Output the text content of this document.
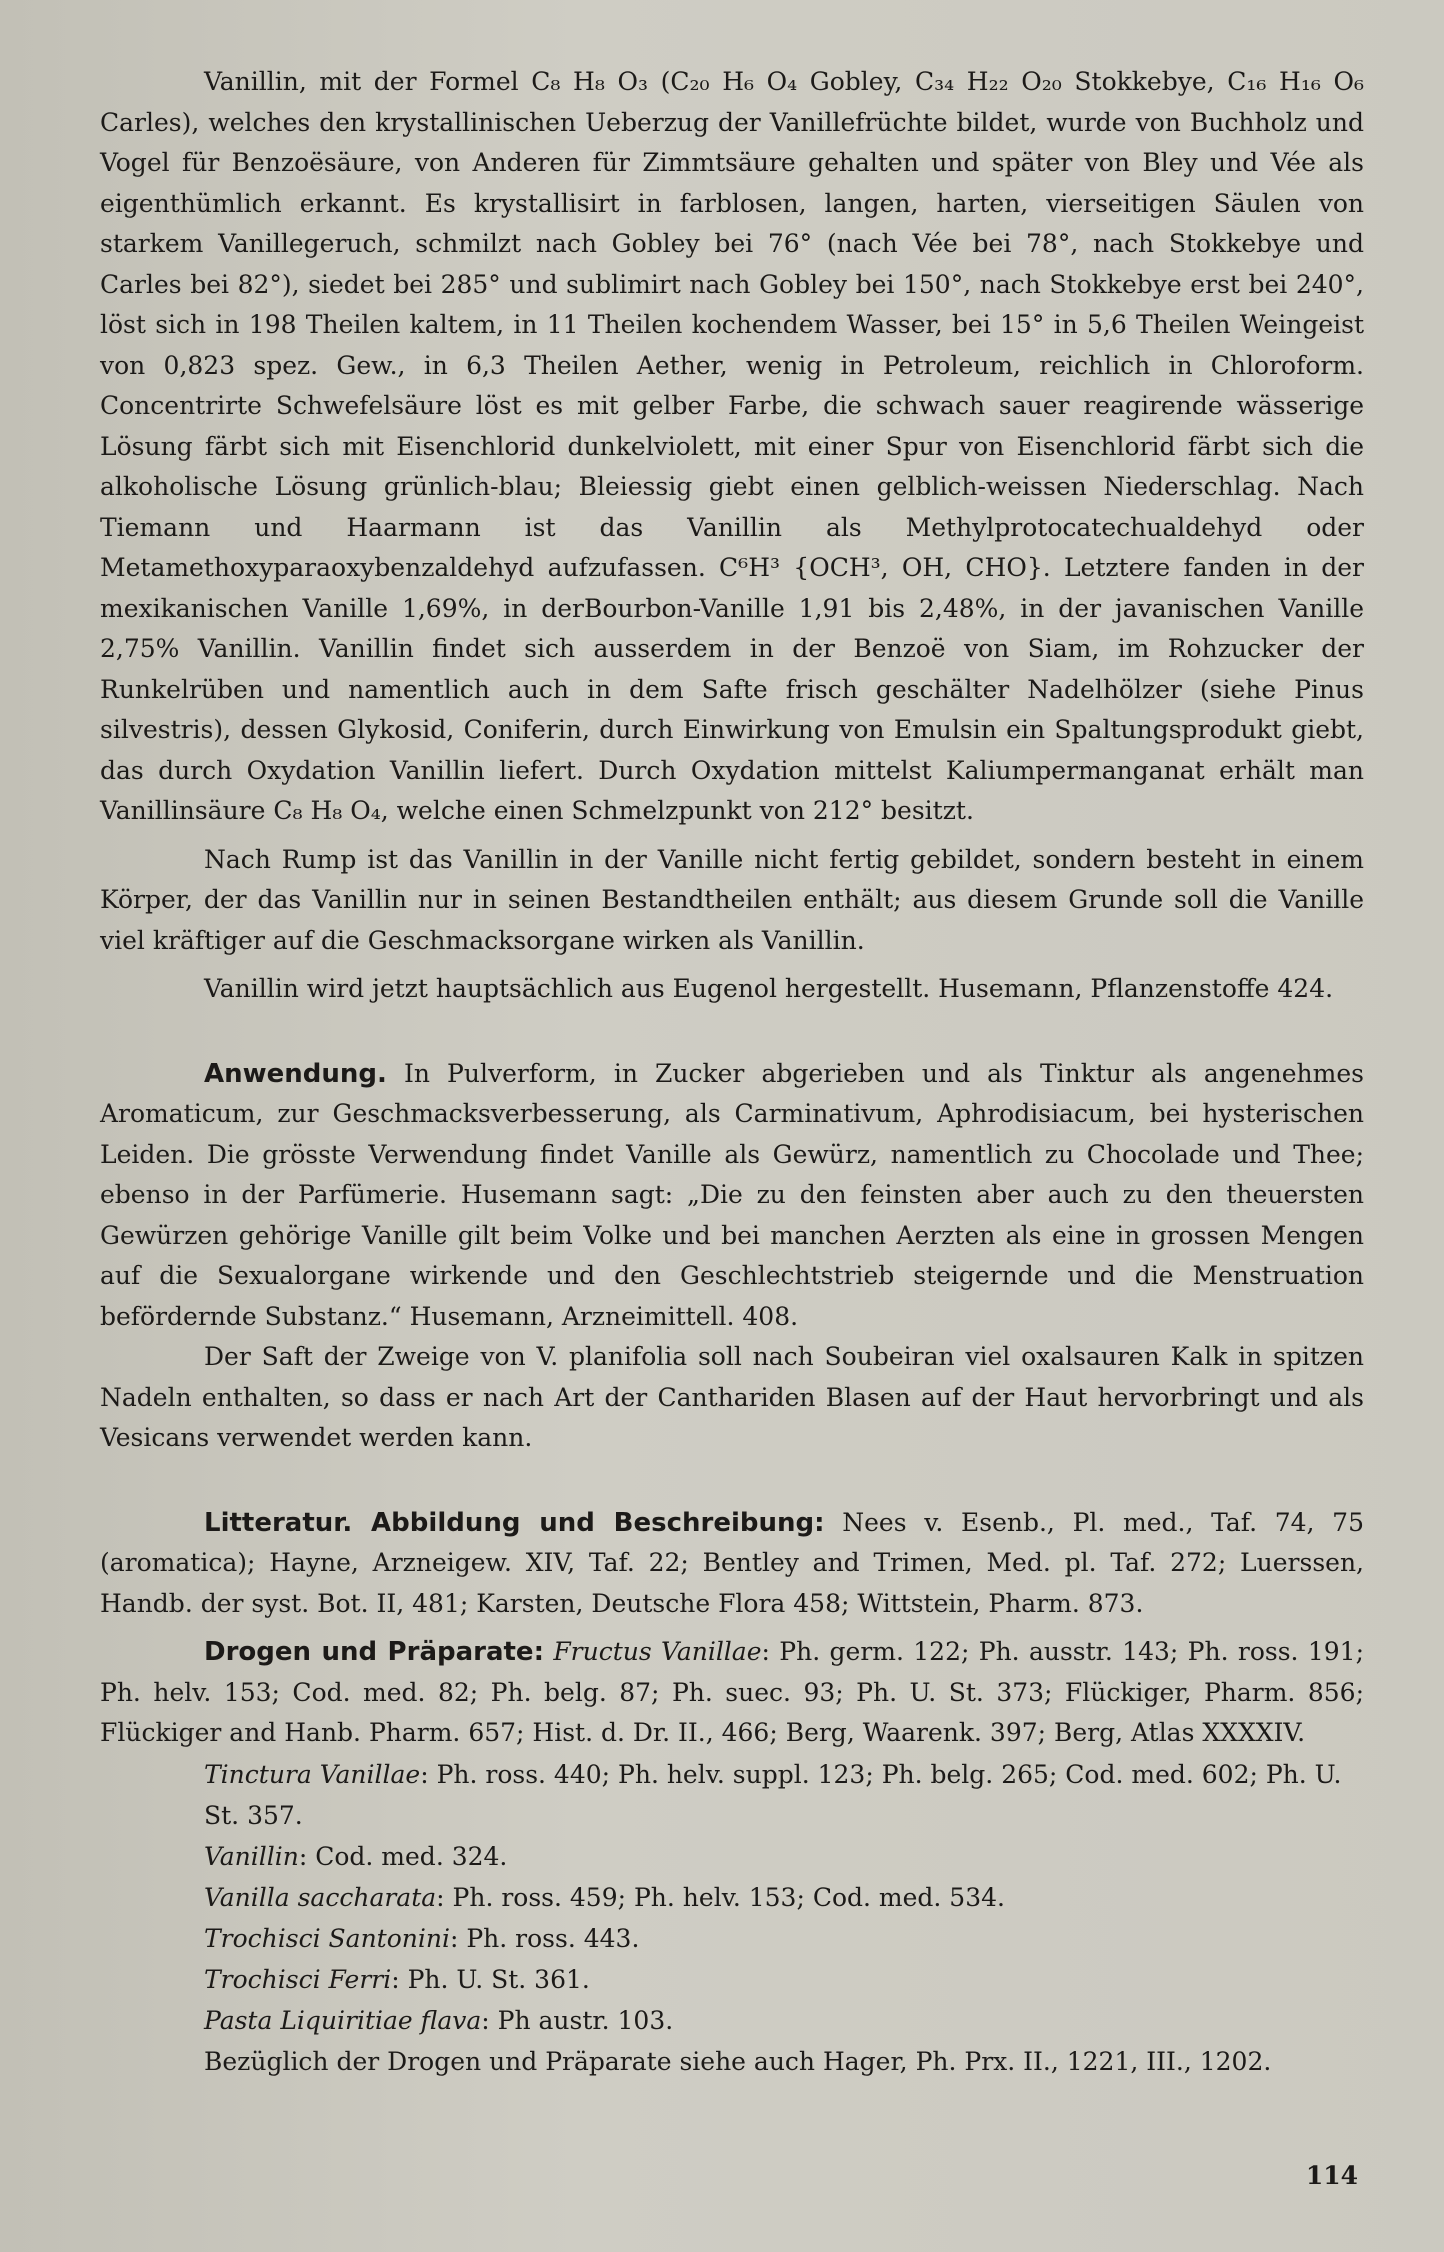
Vanillin, mit der Formel C₈ H₈ O₃ (C₂₀ H₆ O₄ Gobley, C₃₄ H₂₂ O₂₀ Stokkebye, C₁₆ H₁₆ O₆ Carles), welches den krystallinischen Ueberzug der Vanillefrüchte bildet, wurde von Buchholz und Vogel für Benzoësäure, von Anderen für Zimmtsäure gehalten und später von Bley und Vée als eigenthümlich erkannt. Es krystallisirt in farblosen, langen, harten, vierseitigen Säulen von starkem Vanillegeruch, schmilzt nach Gobley bei 76° (nach Vée bei 78°, nach Stokkebye und Carles bei 82°), siedet bei 285° und sublimirt nach Gobley bei 150°, nach Stokkebye erst bei 240°, löst sich in 198 Theilen kaltem, in 11 Theilen kochendem Wasser, bei 15° in 5,6 Theilen Weingeist von 0,823 spez. Gew., in 6,3 Theilen Aether, wenig in Petroleum, reichlich in Chloroform. Concentrirte Schwefelsäure löst es mit gelber Farbe, die schwach sauer reagirende wässerige Lösung färbt sich mit Eisenchlorid dunkelviolett, mit einer Spur von Eisenchlorid färbt sich die alkoholische Lösung grünlich-blau; Bleiessig giebt einen gelblich-weissen Niederschlag. Nach Tiemann und Haarmann ist das Vanillin als Methylprotocatechualdehyd oder Metamethoxyparaoxybenzaldehyd aufzufassen. C⁶H³ {OCH³, OH, CHO}. Letztere fanden in der mexikanischen Vanille 1,69%, in derBourbon-Vanille 1,91 bis 2,48%, in der javanischen Vanille 2,75% Vanillin. Vanillin findet sich ausserdem in der Benzoë von Siam, im Rohzucker der Runkelrüben und namentlich auch in dem Safte frisch geschälter Nadelhölzer (siehe Pinus silvestris), dessen Glykosid, Coniferin, durch Einwirkung von Emulsin ein Spaltungsprodukt giebt, das durch Oxydation Vanillin liefert. Durch Oxydation mittelst Kaliumpermanganat erhält man Vanillinsäure C₈ H₈ O₄, welche einen Schmelzpunkt von 212° besitzt.

Nach Rump ist das Vanillin in der Vanille nicht fertig gebildet, sondern besteht in einem Körper, der das Vanillin nur in seinen Bestandtheilen enthält; aus diesem Grunde soll die Vanille viel kräftiger auf die Geschmacksorgane wirken als Vanillin.

Vanillin wird jetzt hauptsächlich aus Eugenol hergestellt. Husemann, Pflanzenstoffe 424.

Anwendung. In Pulverform, in Zucker abgerieben und als Tinktur als angenehmes Aromaticum, zur Geschmacksverbesserung, als Carminativum, Aphrodisiacum, bei hysterischen Leiden. Die grösste Verwendung findet Vanille als Gewürz, namentlich zu Chocolade und Thee; ebenso in der Parfümerie. Husemann sagt: „Die zu den feinsten aber auch zu den theuersten Gewürzen gehörige Vanille gilt beim Volke und bei manchen Aerzten als eine in grossen Mengen auf die Sexualorgane wirkende und den Geschlechtstrieb steigernde und die Menstruation befördernde Substanz.“ Husemann, Arzneimittell. 408.

Der Saft der Zweige von V. planifolia soll nach Soubeiran viel oxalsauren Kalk in spitzen Nadeln enthalten, so dass er nach Art der Canthariden Blasen auf der Haut hervorbringt und als Vesicans verwendet werden kann.

Litteratur. Abbildung und Beschreibung: Nees v. Esenb., Pl. med., Taf. 74, 75 (aromatica); Hayne, Arzneigew. XIV, Taf. 22; Bentley and Trimen, Med. pl. Taf. 272; Luerssen, Handb. der syst. Bot. II, 481; Karsten, Deutsche Flora 458; Wittstein, Pharm. 873.

Drogen und Präparate: Fructus Vanillae: Ph. germ. 122; Ph. ausstr. 143; Ph. ross. 191; Ph. helv. 153; Cod. med. 82; Ph. belg. 87; Ph. suec. 93; Ph. U. St. 373; Flückiger, Pharm. 856; Flückiger and Hanb. Pharm. 657; Hist. d. Dr. II., 466; Berg, Waarenk. 397; Berg, Atlas XXXXIV.

Tinctura Vanillae: Ph. ross. 440; Ph. helv. suppl. 123; Ph. belg. 265; Cod. med. 602; Ph. U. St. 357.
Vanillin: Cod. med. 324.
Vanilla saccharata: Ph. ross. 459; Ph. helv. 153; Cod. med. 534.
Trochisci Santonini: Ph. ross. 443.
Trochisci Ferri: Ph. U. St. 361.
Pasta Liquiritiae flava: Ph austr. 103.
Bezüglich der Drogen und Präparate siehe auch Hager, Ph. Prx. II., 1221, III., 1202.
114
